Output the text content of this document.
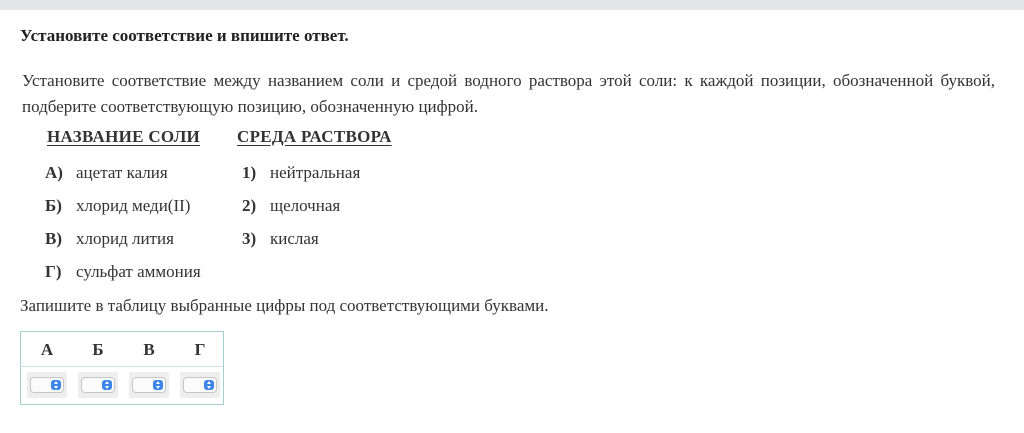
Установите соответствие и впишите ответ.
Установите соответствие между названием соли и средой водного раствора этой соли: к каждой позиции, обозначенной буквой, подберите соответствующую позицию, обозначенную цифрой.
НАЗВАНИЕ СОЛИ СРЕДА РАСТВОРА
А) ацетат калия
Б) хлорид меди(II)
В) хлорид лития
Г) сульфат аммония
1) нейтральная
2) щелочная
3) кислая
Запишите в таблицу выбранные цифры под соответствующими буквами.
А	Б	В	Г
